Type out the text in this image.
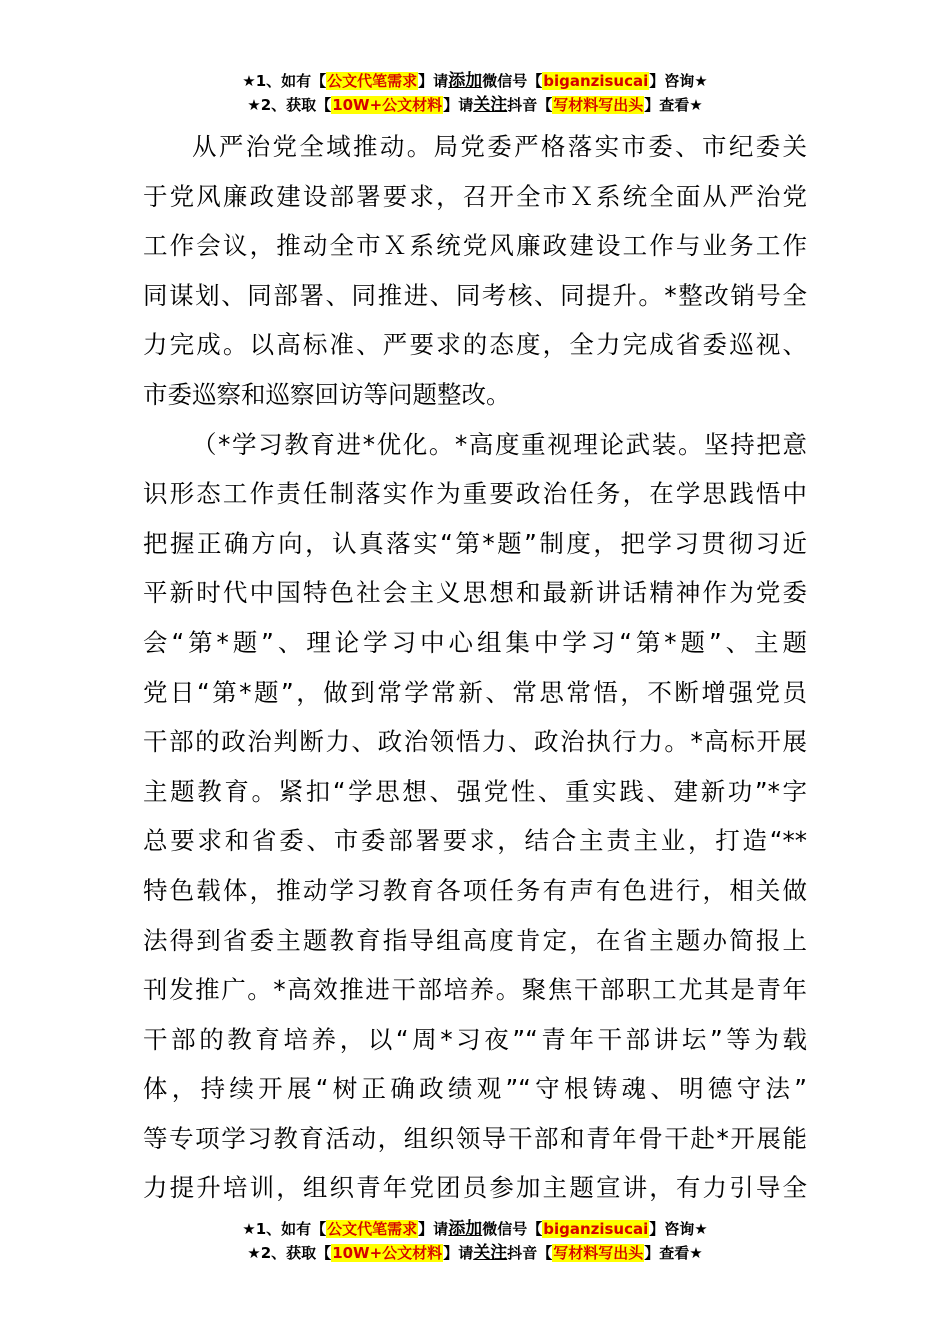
★1、如有【公文代笔需求】请添加微信号【biganzisucai】咨询★
★2、获取【10W+公文材料】请关注抖音【写材料写出头】查看★
从严治党全域推动。局党委严格落实市委、市纪委关
于党风廉政建设部署要求，召开全市Ｘ系统全面从严治党
工作会议，推动全市Ｘ系统党风廉政建设工作与业务工作
同谋划、同部署、同推进、同考核、同提升。*整改销号全
力完成。以高标准、严要求的态度，全力完成省委巡视、
市委巡察和巡察回访等问题整改。
（*学习教育进*优化。*高度重视理论武装。坚持把意
识形态工作责任制落实作为重要政治任务，在学思践悟中
把握正确方向，认真落实“第*题”制度，把学习贯彻习近
平新时代中国特色社会主义思想和最新讲话精神作为党委
会“第*题”、理论学习中心组集中学习“第*题”、主题
党日“第*题”，做到常学常新、常思常悟，不断增强党员
干部的政治判断力、政治领悟力、政治执行力。*高标开展
主题教育。紧扣“学思想、强党性、重实践、建新功”*字
总要求和省委、市委部署要求，结合主责主业，打造“**
特色载体，推动学习教育各项任务有声有色进行，相关做
法得到省委主题教育指导组高度肯定，在省主题办简报上
刊发推广。*高效推进干部培养。聚焦干部职工尤其是青年
干部的教育培养，以“周*习夜”“青年干部讲坛”等为载
体，持续开展“树正确政绩观”“守根铸魂、明德守法”
等专项学习教育活动，组织领导干部和青年骨干赴*开展能
力提升培训，组织青年党团员参加主题宣讲，有力引导全
★1、如有【公文代笔需求】请添加微信号【biganzisucai】咨询★
★2、获取【10W+公文材料】请关注抖音【写材料写出头】查看★
